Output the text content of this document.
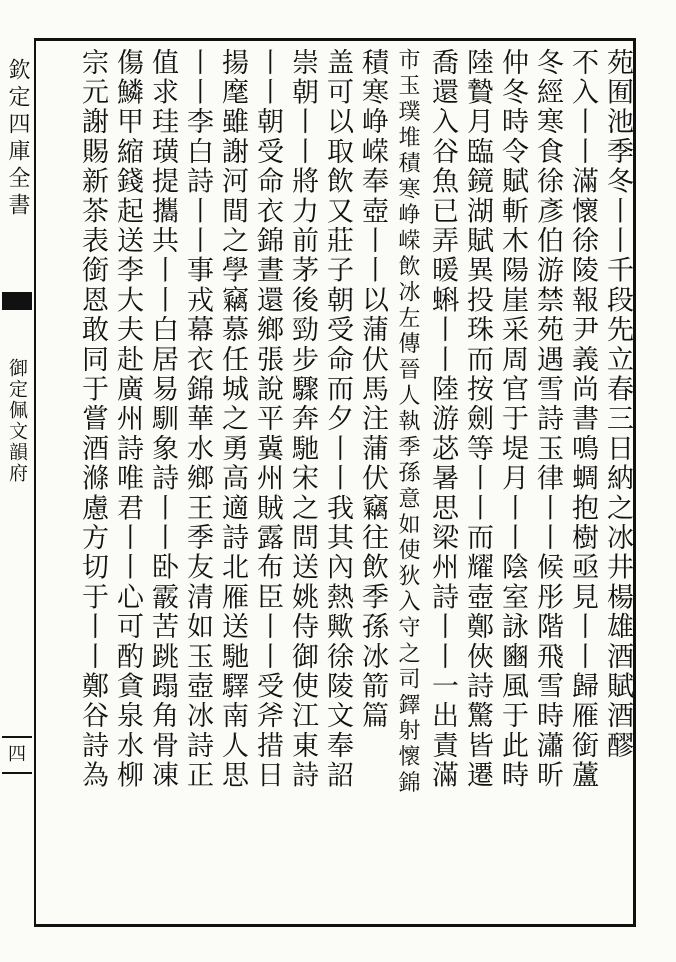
欽定四庫全書
御定佩文韻府
四	苑囿池季冬丨丨千段先立春三日納之冰井楊雄酒賦酒醪
不入丨丨滿懷徐陵報尹義尚書鳴蜩抱樹亟見丨丨歸雁銜蘆
冬經寒食徐彥伯游禁苑遇雪詩玉律丨丨候彤階飛雪時瀟昕
仲冬時令賦斬木陽崖采周官于堤月丨丨陰室詠豳風于此時
陸贄月臨鏡湖賦異投珠而按劍等丨丨而耀壺鄭俠詩驚皆遷
喬還入谷魚已弄暖蝌丨丨陸游苾暑思梁州詩丨丨一出責滿
市玉璞堆積寒峥嵘飲冰左傳晉人執季孫意如使狄入守之司鐸射懷錦
積寒峥嵘奉壺丨丨以蒲伏馬注蒲伏竊往飲季孫冰箭篇
盖可以取飲又莊子朝受命而夕丨丨我其內熱歟徐陵文奉詔
崇朝丨丨將力前茅後勁步驟奔馳宋之問送姚侍御使江東詩
丨丨朝受命衣錦晝還鄉張說平冀州賊露布臣丨丨受斧措日
揚麾雖謝河間之學竊慕任城之勇高適詩北雁送馳驛南人思
丨丨李白詩丨丨事戎幕衣錦華水鄉王季友清如玉壺冰詩正
值求珪璜提攜共丨丨白居易馴象詩丨丨卧霰苦跳蹋角骨凍
傷鱗甲縮錢起送李大夫赴廣州詩唯君丨丨心可酌貪泉水柳
宗元謝賜新茶表銜恩敢同于嘗酒滌慮方切于丨丨鄭谷詩為
